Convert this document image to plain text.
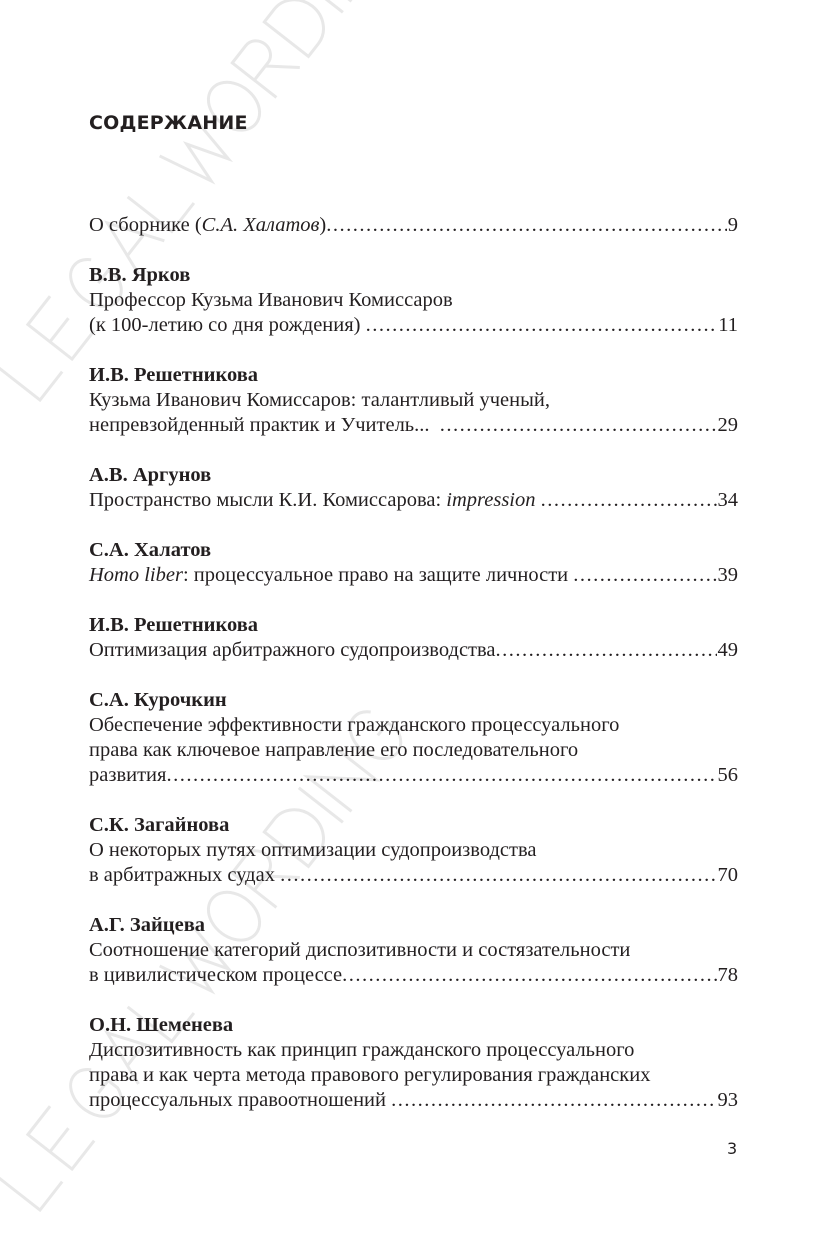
СОДЕРЖАНИЕ
О сборнике (С.А. Халатов) .....	9
В.В. Ярков
Профессор Кузьма Иванович Комиссаров
(к 100-летию со дня рождения) .....	11
И.В. Решетникова
Кузьма Иванович Комиссаров: талантливый ученый,
непревзойденный практик и Учитель... .....	29
А.В. Аргунов
Пространство мысли К.И. Комиссарова: impression .....	34
С.А. Халатов
Homo liber: процессуальное право на защите личности .....	39
И.В. Решетникова
Оптимизация арбитражного судопроизводства .....	49
С.А. Курочкин
Обеспечение эффективности гражданского процессуального
права как ключевое направление его последовательного
развития .....	56
С.К. Загайнова
О некоторых путях оптимизации судопроизводства
в арбитражных судах .....	70
А.Г. Зайцева
Соотношение категорий диспозитивности и состязательности
в цивилистическом процессе .....	78
О.Н. Шеменева
Диспозитивность как принцип гражданского процессуального
права и как черта метода правового регулирования гражданских
процессуальных правоотношений .....	93
3
